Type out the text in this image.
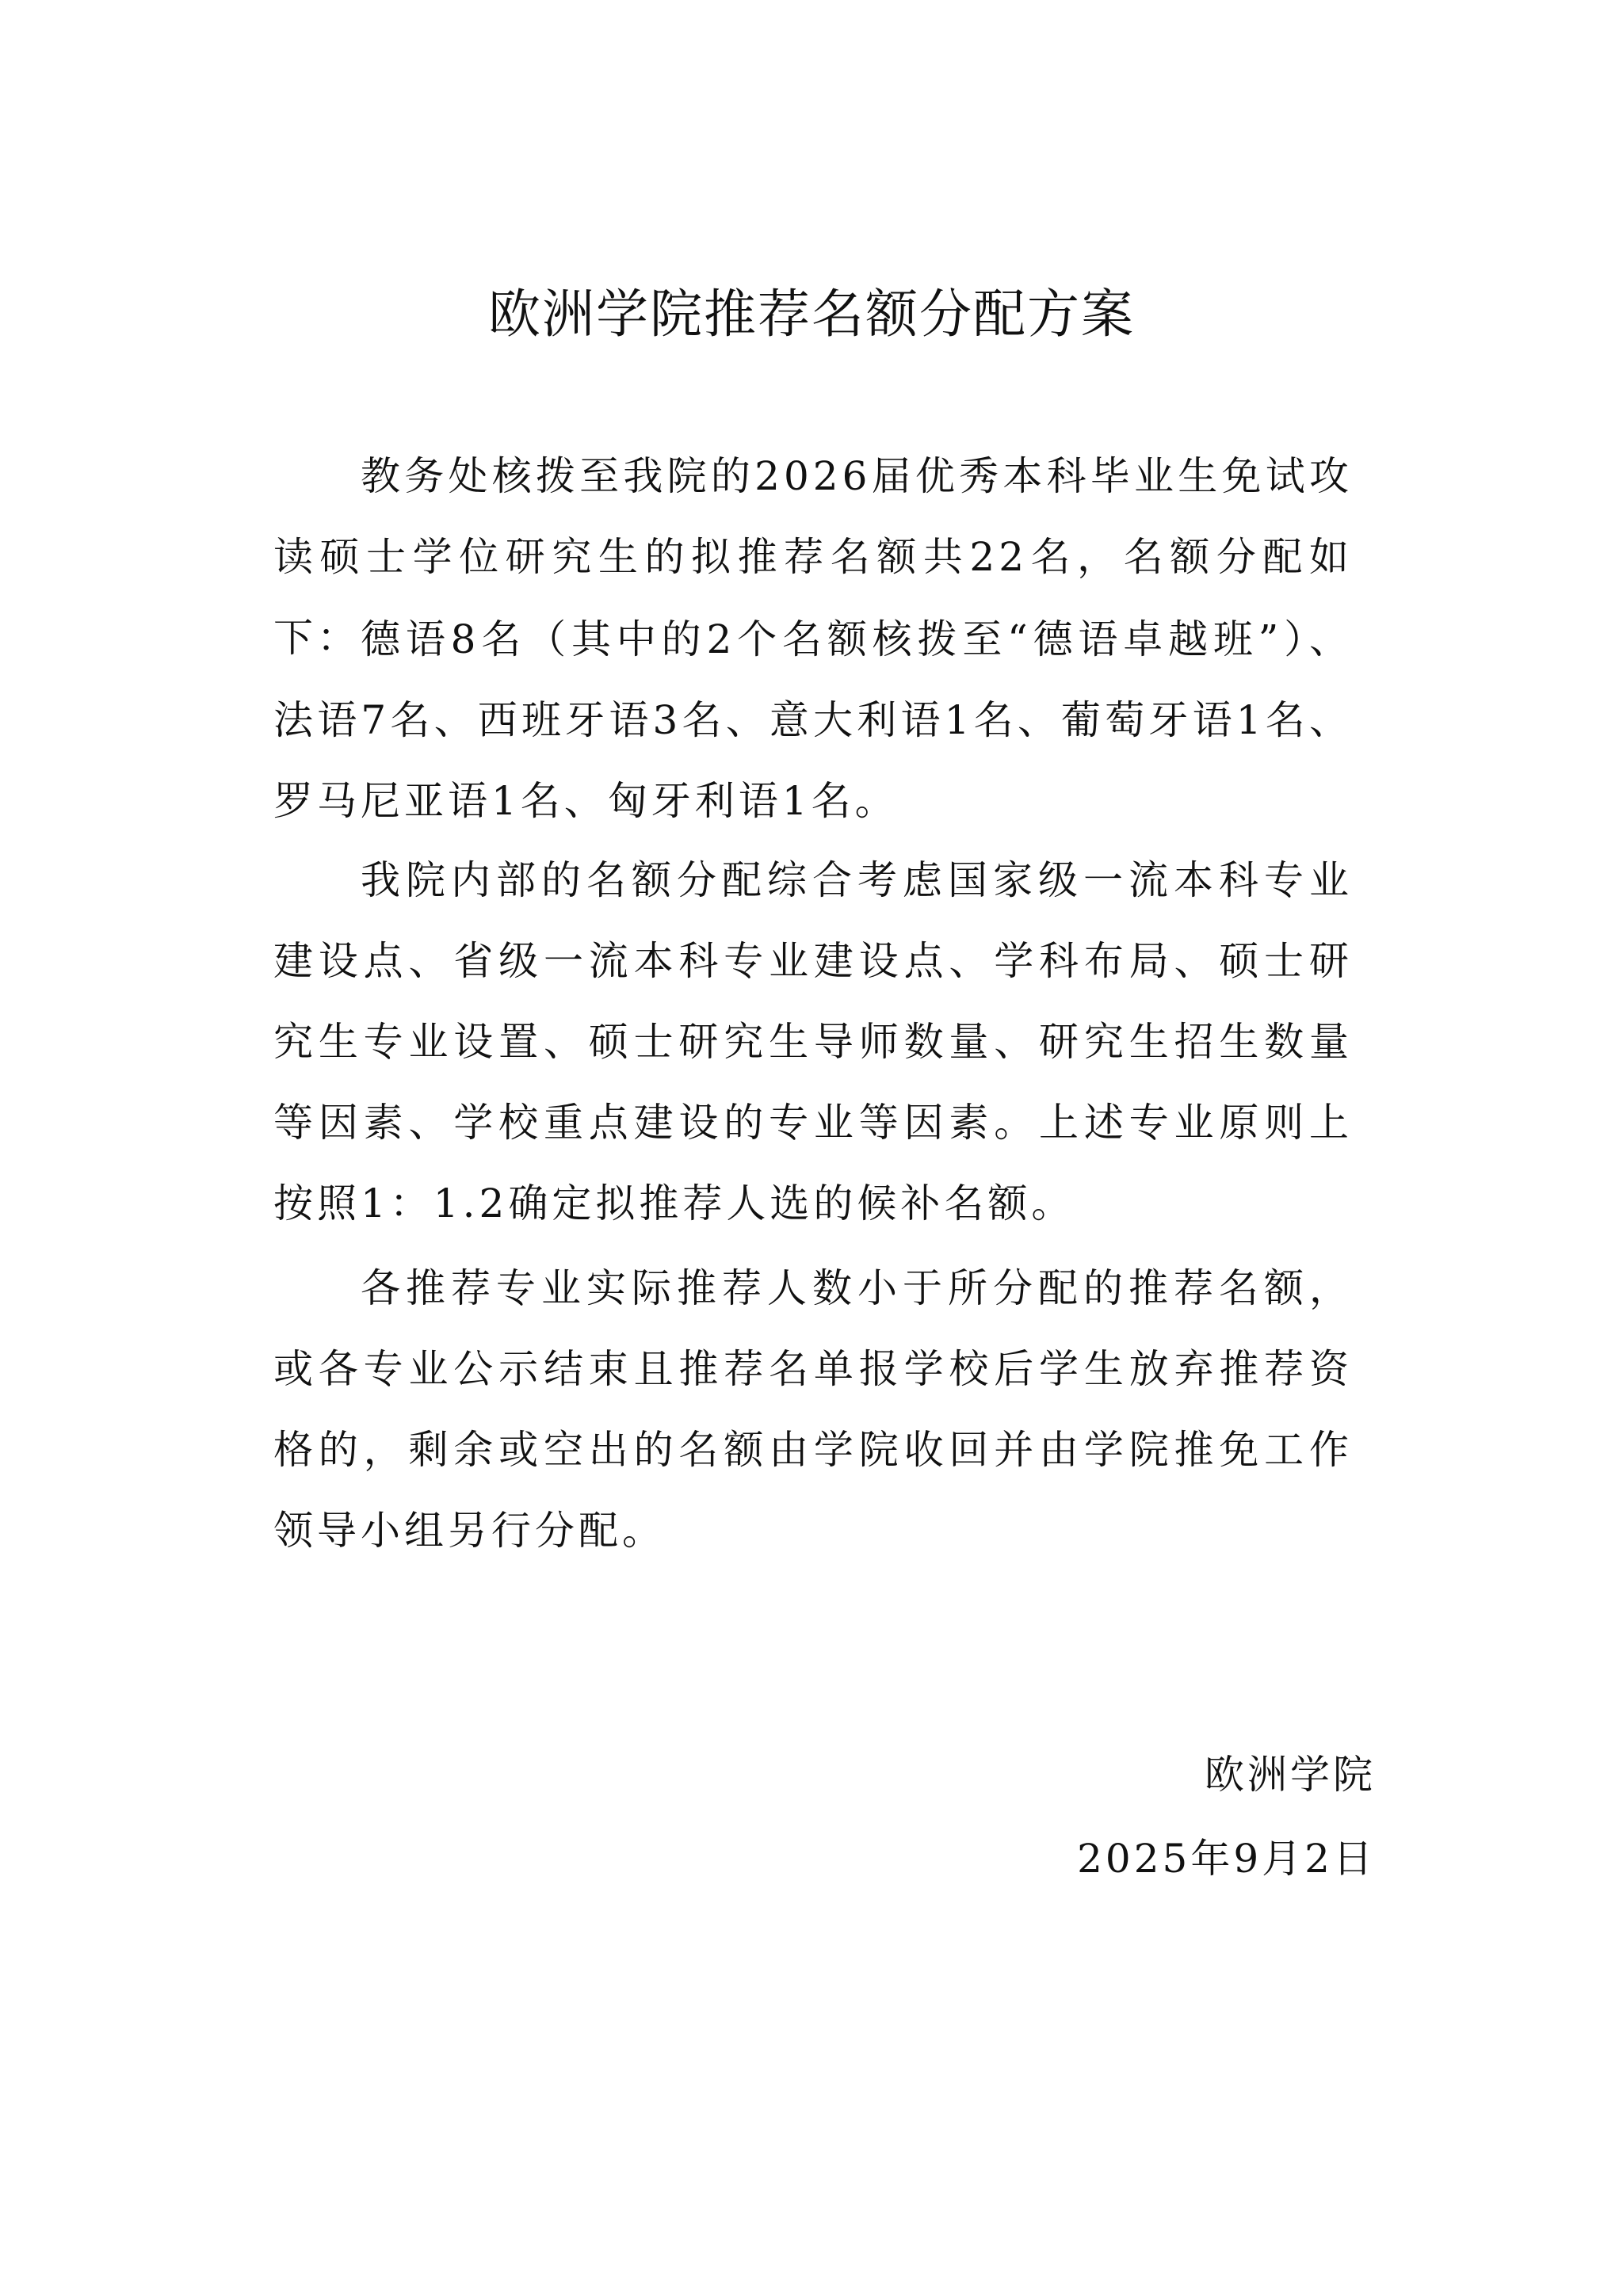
欧洲学院推荐名额分配方案

教务处核拨至我院的2026届优秀本科毕业生免试攻读硕士学位研究生的拟推荐名额共22名，名额分配如下： 德语8名（其中的2个名额核拨至“德语卓越班”）、法语7名、西班牙语3名、意大利语1名、葡萄牙语1名、罗马尼亚语1名、匈牙利语1名。

我院内部的名额分配综合考虑国家级一流本科专业建设点、省级一流本科专业建设点、学科布局、硕士研究生专业设置、硕士研究生导师数量、研究生招生数量等因素、学校重点建设的专业等因素。上述专业原则上按照1：1.2确定拟推荐人选的候补名额。

各推荐专业实际推荐人数小于所分配的推荐名额，或各专业公示结束且推荐名单报学校后学生放弃推荐资格的，剩余或空出的名额由学院收回并由学院推免工作领导小组另行分配。

欧洲学院

2025年9月2日
